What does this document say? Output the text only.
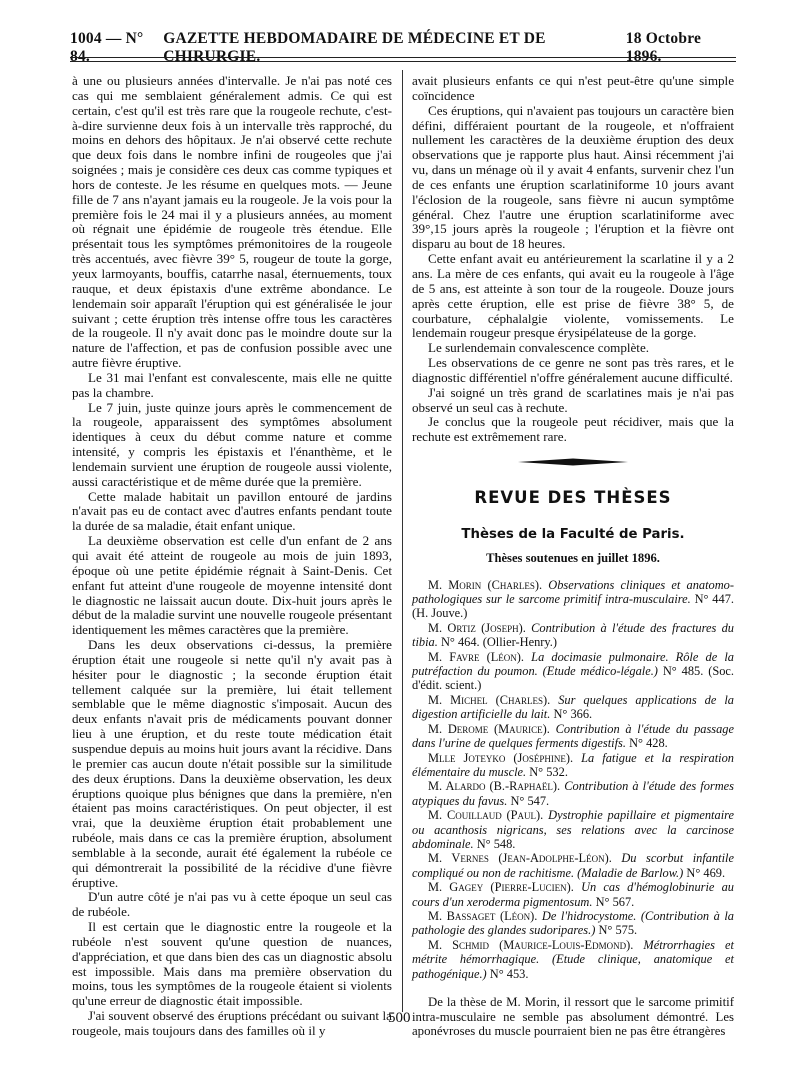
1004 — N° 84.
GAZETTE HEBDOMADAIRE DE MÉDECINE ET DE CHIRURGIE.
18 Octobre 1896.

à une ou plusieurs années d'intervalle. Je n'ai pas noté ces cas qui me semblaient généralement admis. Ce qui est certain, c'est qu'il est très rare que la rougeole rechute, c'est-à-dire survienne deux fois à un intervalle très rapproché, du moins en dehors des hôpitaux. Je n'ai observé cette rechute que deux fois dans le nombre infini de rougeoles que j'ai soignées ; mais je considère ces deux cas comme typiques et hors de conteste. Je les résume en quelques mots. — Jeune fille de 7 ans n'ayant jamais eu la rougeole. Je la vois pour la première fois le 24 mai il y a plusieurs années, au moment où régnait une épidémie de rougeole très étendue. Elle présentait tous les symptômes prémonitoires de la rougeole très accentués, avec fièvre 39° 5, rougeur de toute la gorge, yeux larmoyants, bouffis, catarrhe nasal, éternuements, toux rauque, et deux épistaxis d'une extrême abondance. Le lendemain soir apparaît l'éruption qui est généralisée le jour suivant ; cette éruption très intense offre tous les caractères de la rougeole. Il n'y avait donc pas le moindre doute sur la nature de l'affection, et pas de confusion possible avec une autre fièvre éruptive.

Le 31 mai l'enfant est convalescente, mais elle ne quitte pas la chambre.

Le 7 juin, juste quinze jours après le commencement de la rougeole, apparaissent des symptômes absolument identiques à ceux du début comme nature et comme intensité, y compris les épistaxis et l'énanthème, et le lendemain survient une éruption de rougeole aussi violente, aussi caractéristique et de même durée que la première.

Cette malade habitait un pavillon entouré de jardins n'avait pas eu de contact avec d'autres enfants pendant toute la durée de sa maladie, était enfant unique.

La deuxième observation est celle d'un enfant de 2 ans qui avait été atteint de rougeole au mois de juin 1893, époque où une petite épidémie régnait à Saint-Denis. Cet enfant fut atteint d'une rougeole de moyenne intensité dont le diagnostic ne laissait aucun doute. Dix-huit jours après le début de la maladie survint une nouvelle rougeole présentant identiquement les mêmes caractères que la première.

Dans les deux observations ci-dessus, la première éruption était une rougeole si nette qu'il n'y avait pas à hésiter pour le diagnostic ; la seconde éruption était tellement calquée sur la première, lui était tellement semblable que le même diagnostic s'imposait. Aucun des deux enfants n'avait pris de médicaments pouvant donner lieu à une éruption, et du reste toute médication était suspendue depuis au moins huit jours avant la récidive. Dans le premier cas aucun doute n'était possible sur la similitude des deux éruptions. Dans la deuxième observation, les deux éruptions quoique plus bénignes que dans la première, n'en étaient pas moins caractéristiques. On peut objecter, il est vrai, que la deuxième éruption était probablement une rubéole, mais dans ce cas la première éruption, absolument semblable à la seconde, aurait été également la rubéole ce qui démontrerait la possibilité de la récidive d'une fièvre éruptive.

D'un autre côté je n'ai pas vu à cette époque un seul cas de rubéole.

Il est certain que le diagnostic entre la rougeole et la rubéole n'est souvent qu'une question de nuances, d'appréciation, et que dans bien des cas un diagnostic absolu est impossible. Mais dans ma première observation du moins, tous les symptômes de la rougeole étaient si violents qu'une erreur de diagnostic était impossible.

J'ai souvent observé des éruptions précédant ou suivant la rougeole, mais toujours dans des familles où il y

avait plusieurs enfants ce qui n'est peut-être qu'une simple coïncidence

Ces éruptions, qui n'avaient pas toujours un caractère bien défini, différaient pourtant de la rougeole, et n'offraient nullement les caractères de la deuxième éruption des deux observations que je rapporte plus haut. Ainsi récemment j'ai vu, dans un ménage où il y avait 4 enfants, survenir chez l'un de ces enfants une éruption scarlatiniforme 10 jours avant l'éclosion de la rougeole, sans fièvre ni aucun symptôme général. Chez l'autre une éruption scarlatiniforme avec 39°,15 jours après la rougeole ; l'éruption et la fièvre ont disparu au bout de 18 heures.

Cette enfant avait eu antérieurement la scarlatine il y a 2 ans. La mère de ces enfants, qui avait eu la rougeole à l'âge de 5 ans, est atteinte à son tour de la rougeole. Douze jours après cette éruption, elle est prise de fièvre 38° 5, de courbature, céphalalgie violente, vomissements. Le lendemain rougeur presque érysipélateuse de la gorge.

Le surlendemain convalescence complète.

Les observations de ce genre ne sont pas très rares, et le diagnostic différentiel n'offre généralement aucune difficulté.

J'ai soigné un très grand de scarlatines mais je n'ai pas observé un seul cas à rechute.

Je conclus que la rougeole peut récidiver, mais que la rechute est extrêmement rare.

REVUE DES THÈSES
Thèses de la Faculté de Paris.
Thèses soutenues en juillet 1896.

M. Morin (Charles). Observations cliniques et anatomo-pathologiques sur le sarcome primitif intra-musculaire. N° 447. (H. Jouve.)

M. Ortiz (Joseph). Contribution à l'étude des fractures du tibia. N° 464. (Ollier-Henry.)

M. Favre (Léon). La docimasie pulmonaire. Rôle de la putréfaction du poumon. (Etude médico-légale.) N° 485. (Soc. d'édit. scient.)

M. Michel (Charles). Sur quelques applications de la digestion artificielle du lait. N° 366.

M. Derome (Maurice). Contribution à l'étude du passage dans l'urine de quelques ferments digestifs. N° 428.

Mlle Joteyko (Joséphine). La fatigue et la respiration élémentaire du muscle. N° 532.

M. Alardo (B.-Raphaël). Contribution à l'étude des formes atypiques du favus. N° 547.

M. Couillaud (Paul). Dystrophie papillaire et pigmentaire ou acanthosis nigricans, ses relations avec la carcinose abdominale. N° 548.

M. Vernes (Jean-Adolphe-Léon). Du scorbut infantile compliqué ou non de rachitisme. (Maladie de Barlow.) N° 469.

M. Gagey (Pierre-Lucien). Un cas d'hémoglobinurie au cours d'un xeroderma pigmentosum. N° 567.

M. Bassaget (Léon). De l'hidrocystome. (Contribution à la pathologie des glandes sudoripares.) N° 575.

M. Schmid (Maurice-Louis-Edmond). Métrorrhagies et métrite hémorrhagique. (Etude clinique, anatomique et pathogénique.) N° 453.

De la thèse de M. Morin, il ressort que le sarcome primitif intra-musculaire ne semble pas absolument démontré. Les aponévroses du muscle pourraient bien ne pas être étrangères

500
